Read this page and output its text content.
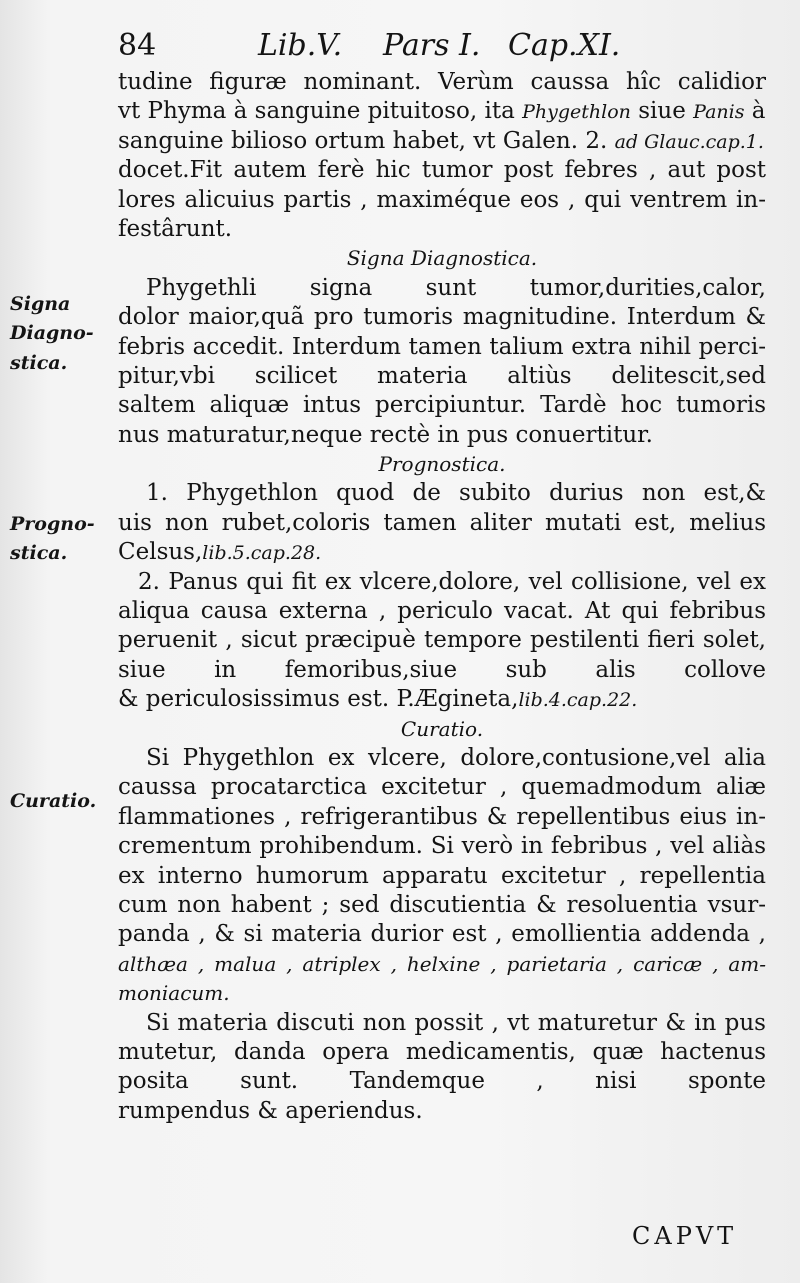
84	Lib.V. Pars I. Cap.XI.
Signa
Diagno-
stica.
Progno-
stica.
Curatio.
tudine figuræ nominant. Verùm caussa hîc calidior
vt Phyma à sanguine pituitoso, ita Phygethlon siue Panis à
sanguine bilioso ortum habet, vt Galen. 2. ad Glauc.cap.1.
docet.Fit autem ferè hic tumor post febres , aut post
lores alicuius partis , maximéque eos , qui ventrem in-
festârunt.
Signa Diagnostica.
Phygethli signa sunt tumor,durities,calor,
dolor maior,quã pro tumoris magnitudine. Interdum &
febris accedit. Interdum tamen talium extra nihil perci-
pitur,vbi scilicet materia altiùs delitescit,sed
saltem aliquæ intus percipiuntur. Tardè hoc tumoris
nus maturatur,neque rectè in pus conuertitur.
Prognostica.
1. Phygethlon quod de subito durius non est,&
uis non rubet,coloris tamen aliter mutati est, melius
Celsus,lib.5.cap.28.
2. Panus qui fit ex vlcere,dolore, vel collisione, vel ex
aliqua causa externa , periculo vacat. At qui febribus
peruenit , sicut præcipuè tempore pestilenti fieri solet,
siue in femoribus,siue sub alis collove
& periculosissimus est. P.Ægineta,lib.4.cap.22.
Curatio.
Si Phygethlon ex vlcere, dolore,contusione,vel alia
caussa procatarctica excitetur , quemadmodum aliæ
flammationes , refrigerantibus & repellentibus eius in-
crementum prohibendum. Si verò in febribus , vel aliàs
ex interno humorum apparatu excitetur , repellentia
cum non habent ; sed discutientia & resoluentia vsur-
panda , & si materia durior est , emollientia addenda ,
althæa , malua , atriplex , helxine , parietaria , caricæ , am-
moniacum.
Si materia discuti non possit , vt maturetur & in pus
mutetur, danda opera medicamentis, quæ hactenus
posita sunt. Tandemque , nisi sponte
rumpendus & aperiendus.
CAPVT
